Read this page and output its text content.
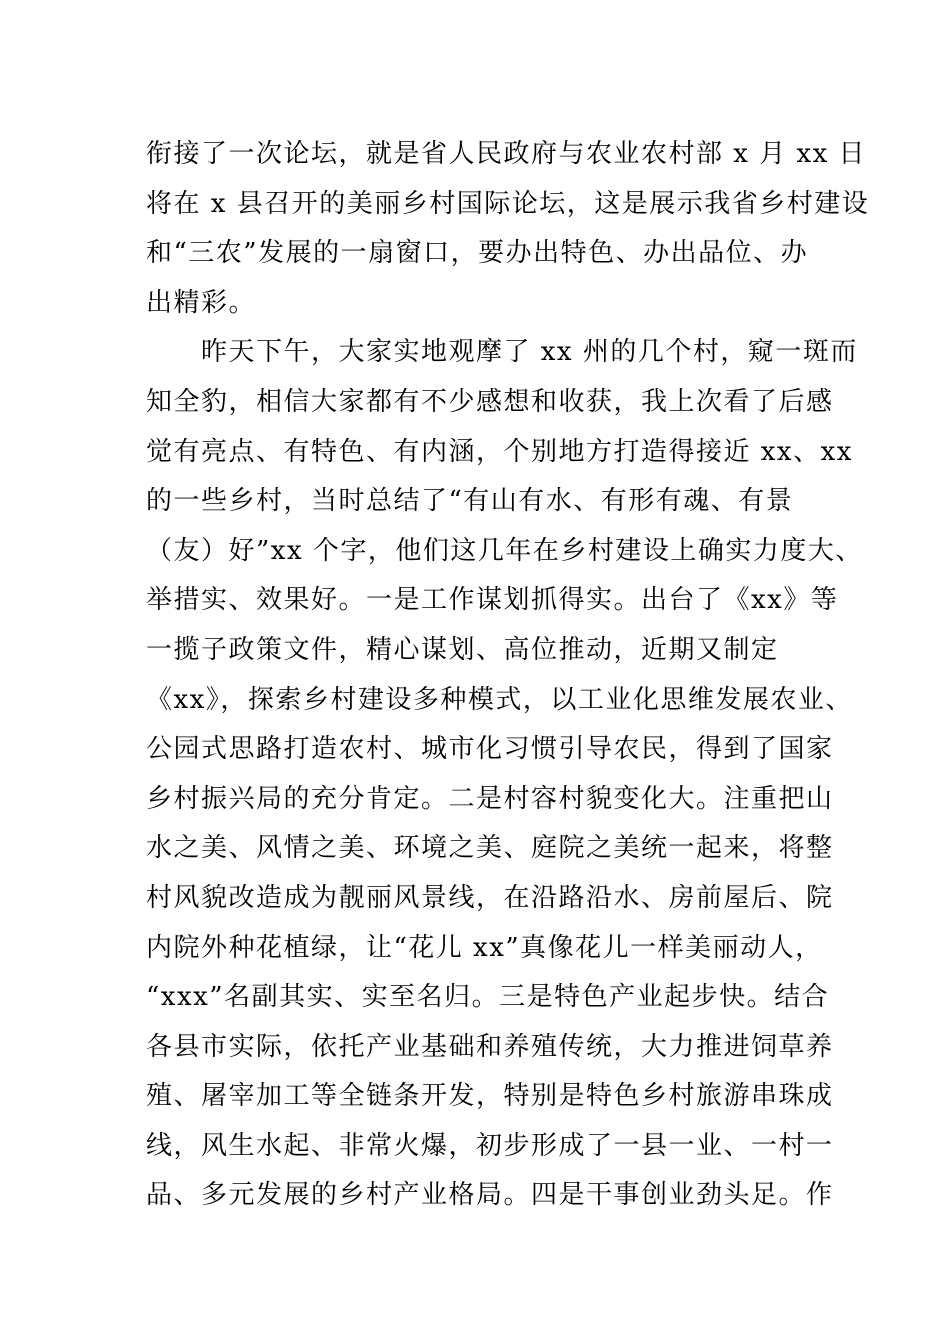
衔接了一次论坛，就是省人民政府与农业农村部 x 月 xx 日
将在 x 县召开的美丽乡村国际论坛，这是展示我省乡村建设
和“三农”发展的一扇窗口，要办出特色、办出品位、办
出精彩。
　　昨天下午，大家实地观摩了 xx 州的几个村，窥一斑而
知全豹，相信大家都有不少感想和收获，我上次看了后感
觉有亮点、有特色、有内涵，个别地方打造得接近 xx、xx
的一些乡村，当时总结了“有山有水、有形有魂、有景
（友）好”xx 个字，他们这几年在乡村建设上确实力度大、
举措实、效果好。一是工作谋划抓得实。出台了《xx》等
一揽子政策文件，精心谋划、高位推动，近期又制定
《xx》，探索乡村建设多种模式，以工业化思维发展农业、
公园式思路打造农村、城市化习惯引导农民，得到了国家
乡村振兴局的充分肯定。二是村容村貌变化大。注重把山
水之美、风情之美、环境之美、庭院之美统一起来，将整
村风貌改造成为靓丽风景线，在沿路沿水、房前屋后、院
内院外种花植绿，让“花儿 xx”真像花儿一样美丽动人，
“xxx”名副其实、实至名归。三是特色产业起步快。结合
各县市实际，依托产业基础和养殖传统，大力推进饲草养
殖、屠宰加工等全链条开发，特别是特色乡村旅游串珠成
线，风生水起、非常火爆，初步形成了一县一业、一村一
品、多元发展的乡村产业格局。四是干事创业劲头足。作
